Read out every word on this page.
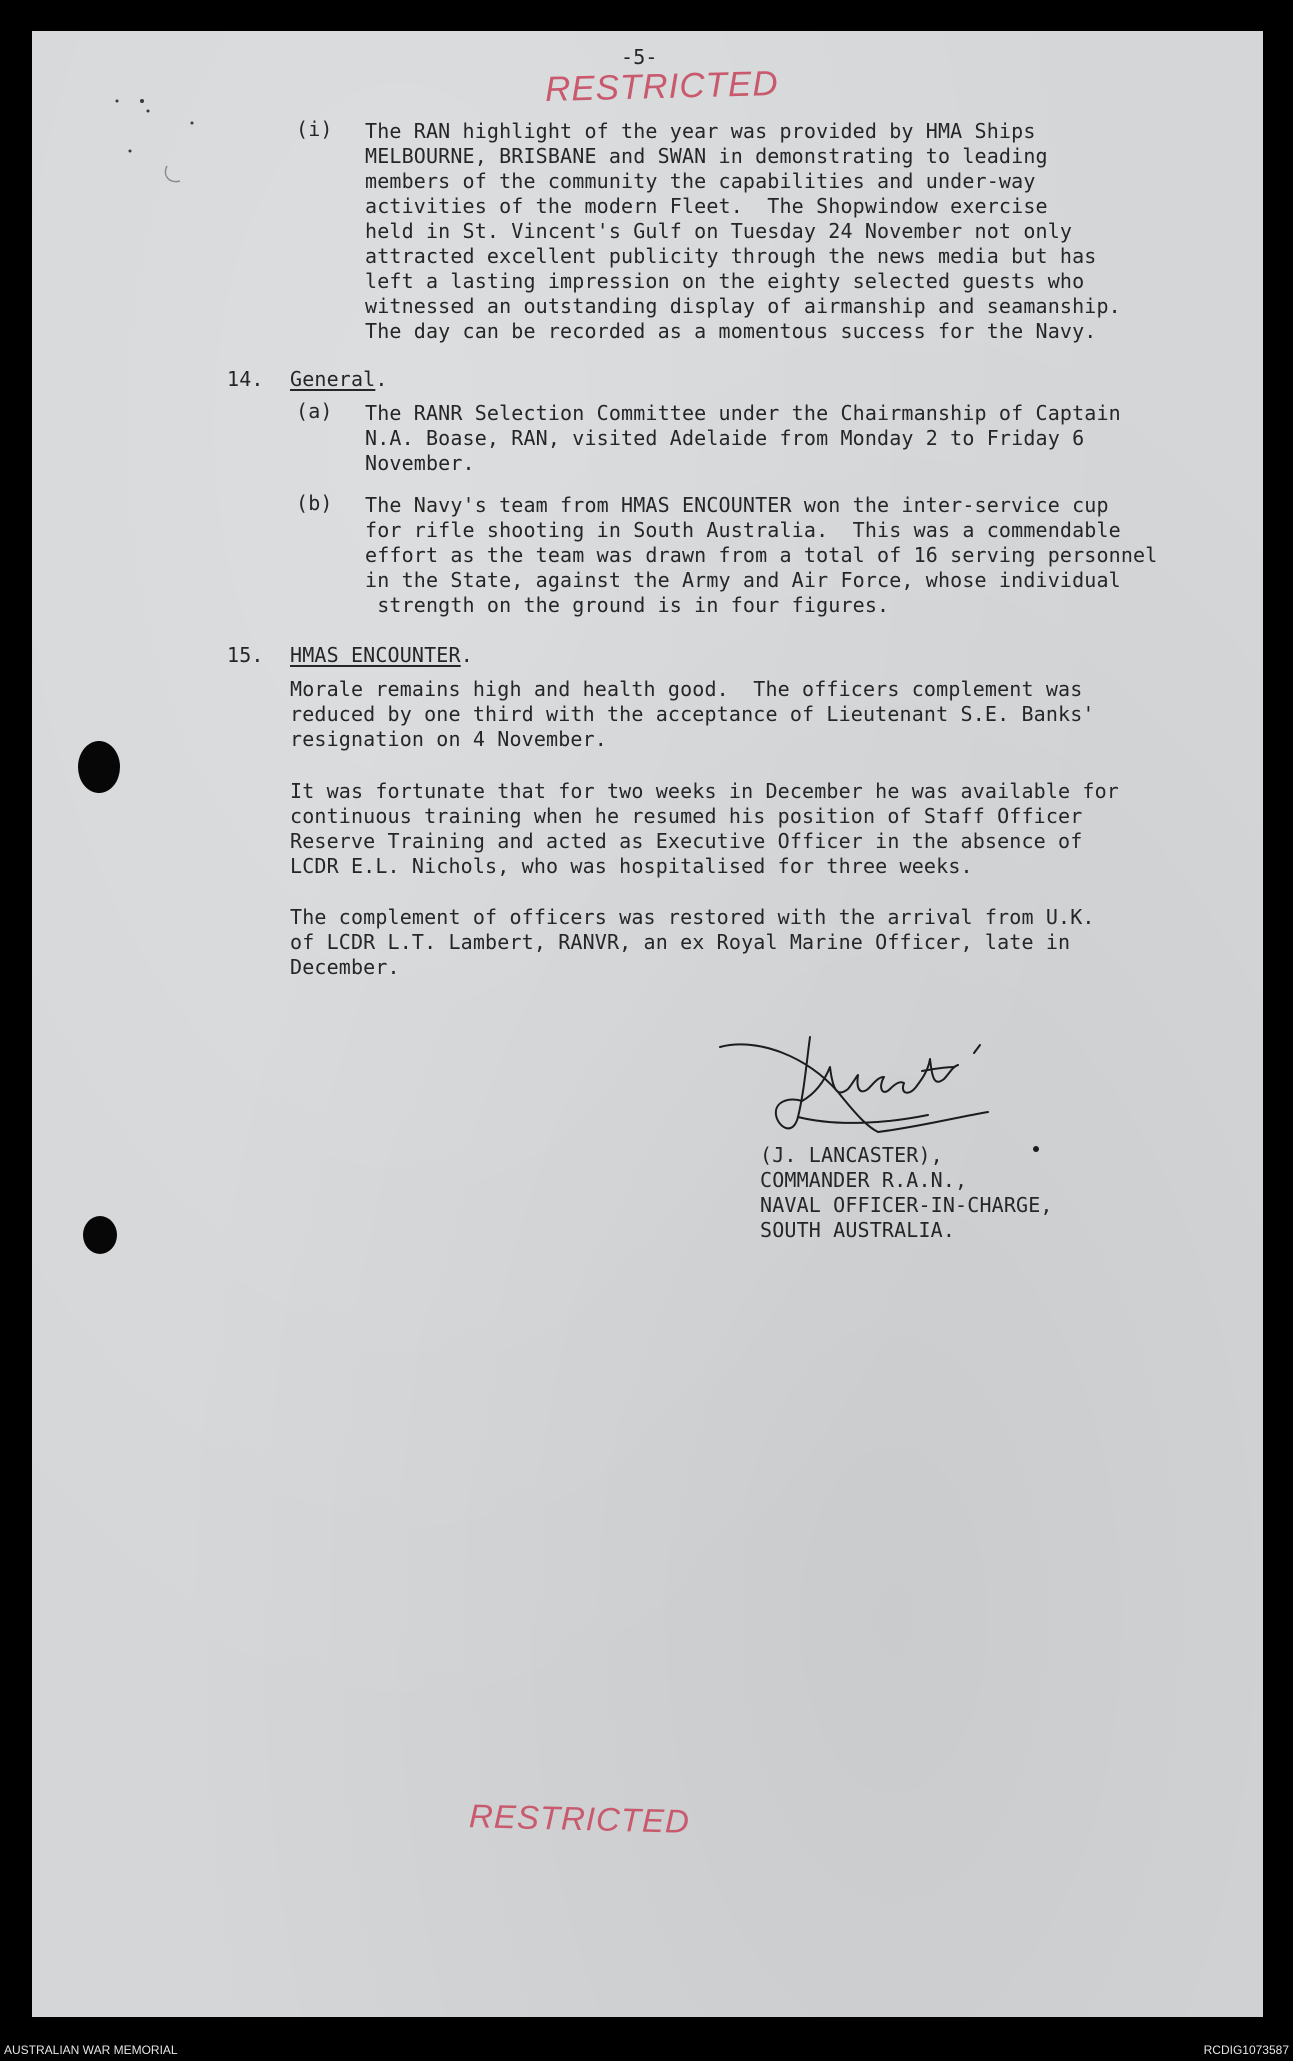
-5-
RESTRICTED
(i) The RAN highlight of the year was provided by HMA Ships
MELBOURNE, BRISBANE and SWAN in demonstrating to leading
members of the community the capabilities and under-way
activities of the modern Fleet.  The Shopwindow exercise
held in St. Vincent's Gulf on Tuesday 24 November not only
attracted excellent publicity through the news media but has
left a lasting impression on the eighty selected guests who
witnessed an outstanding display of airmanship and seamanship.
The day can be recorded as a momentous success for the Navy.
14. General.
(a) The RANR Selection Committee under the Chairmanship of Captain
N.A. Boase, RAN, visited Adelaide from Monday 2 to Friday 6
November.
(b) The Navy's team from HMAS ENCOUNTER won the inter-service cup
for rifle shooting in South Australia.  This was a commendable
effort as the team was drawn from a total of 16 serving personnel
in the State, against the Army and Air Force, whose individual
strength on the ground is in four figures.
15. HMAS ENCOUNTER.
Morale remains high and health good.  The officers complement was
reduced by one third with the acceptance of Lieutenant S.E. Banks'
resignation on 4 November.
It was fortunate that for two weeks in December he was available for
continuous training when he resumed his position of Staff Officer
Reserve Training and acted as Executive Officer in the absence of
LCDR E.L. Nichols, who was hospitalised for three weeks.
The complement of officers was restored with the arrival from U.K.
of LCDR L.T. Lambert, RANVR, an ex Royal Marine Officer, late in
December.
(J. LANCASTER),
COMMANDER R.A.N.,
NAVAL OFFICER-IN-CHARGE,
SOUTH AUSTRALIA.
RESTRICTED
AUSTRALIAN WAR MEMORIAL	RCDIG1073587
